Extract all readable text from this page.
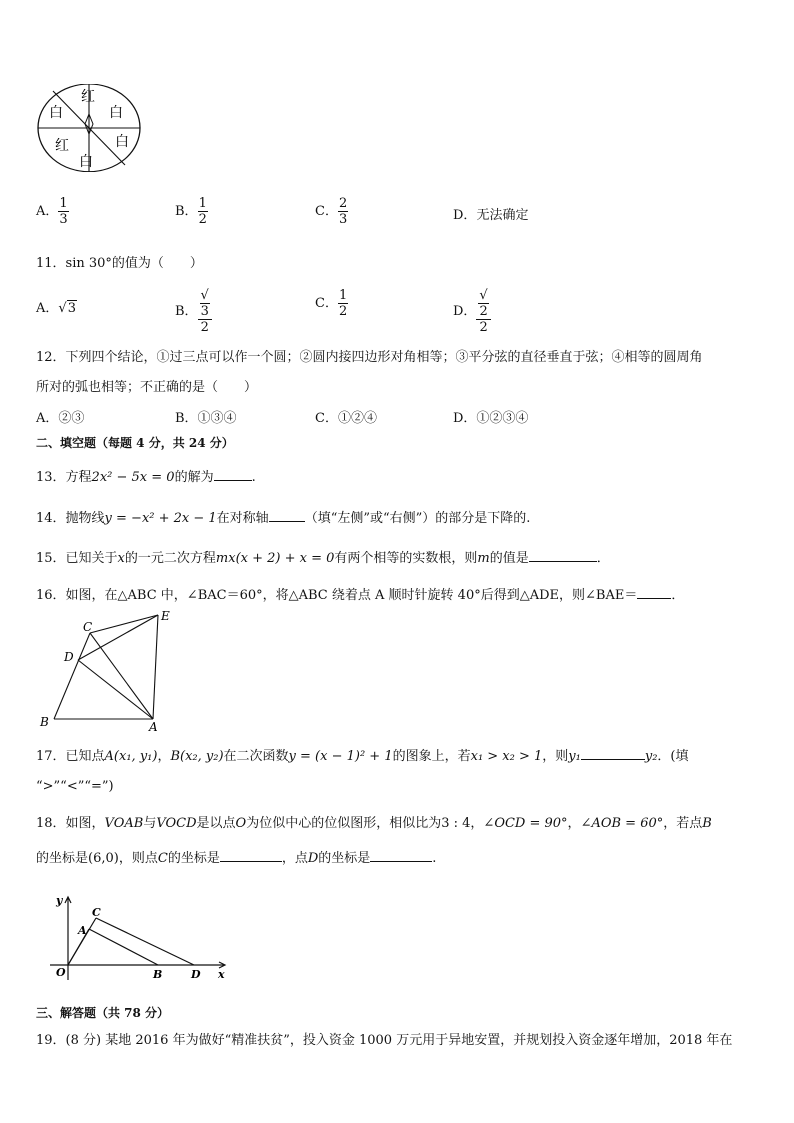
红
白	白
白
白
红
A． $\frac{1}{3}$	B． $\frac{1}{2}$	C． $\frac{2}{3}$	D．无法确定
11．sin 30°的值为（　　）
A．√3	B． √
3
2	C． $\frac{1}{2}$	D． √
2
2
12．下列四个结论，①过三点可以作一个圆；②圆内接四边形对角相等；③平分弦的直径垂直于弦；④相等的圆周角
所对的弧也相等；不正确的是（　　）
A．②③	B．①③④	C．①②④	D．①②③④
二、填空题（每题 4 分，共 24 分）
13．方程2x² − 5x = 0的解为	.
14．抛物线y = −x² + 2x − 1在对称轴	（填“左侧”或“右侧”）的部分是下降的.
15．已知关于x的一元二次方程mx(x + 2) + x = 0有两个相等的实数根，则m的值是	．
16．如图，在△ABC 中，∠BAC＝60°，将△ABC 绕着点 A 顺时针旋转 40°后得到△ADE，则∠BAE＝	．
C
E
D
B	A
17．已知点A(x₁, y₁)，B(x₂, y₂)在二次函数y = (x − 1)² + 1的图象上，若x₁ > x₂ > 1，则y₁	y₂．(填
“>”“<”“=”)
18．如图，VOAB与VOCD是以点O为位似中心的位似图形，相似比为3 : 4，∠OCD = 90°，∠AOB = 60°，若点B
的坐标是(6,0)，则点C的坐标是	，点D的坐标是	.
y
C
A
O	B	D x
三、解答题（共 78 分）
19．(8 分) 某地 2016 年为做好“精准扶贫”，投入资金 1000 万元用于异地安置，并规划投入资金逐年增加，2018 年在
